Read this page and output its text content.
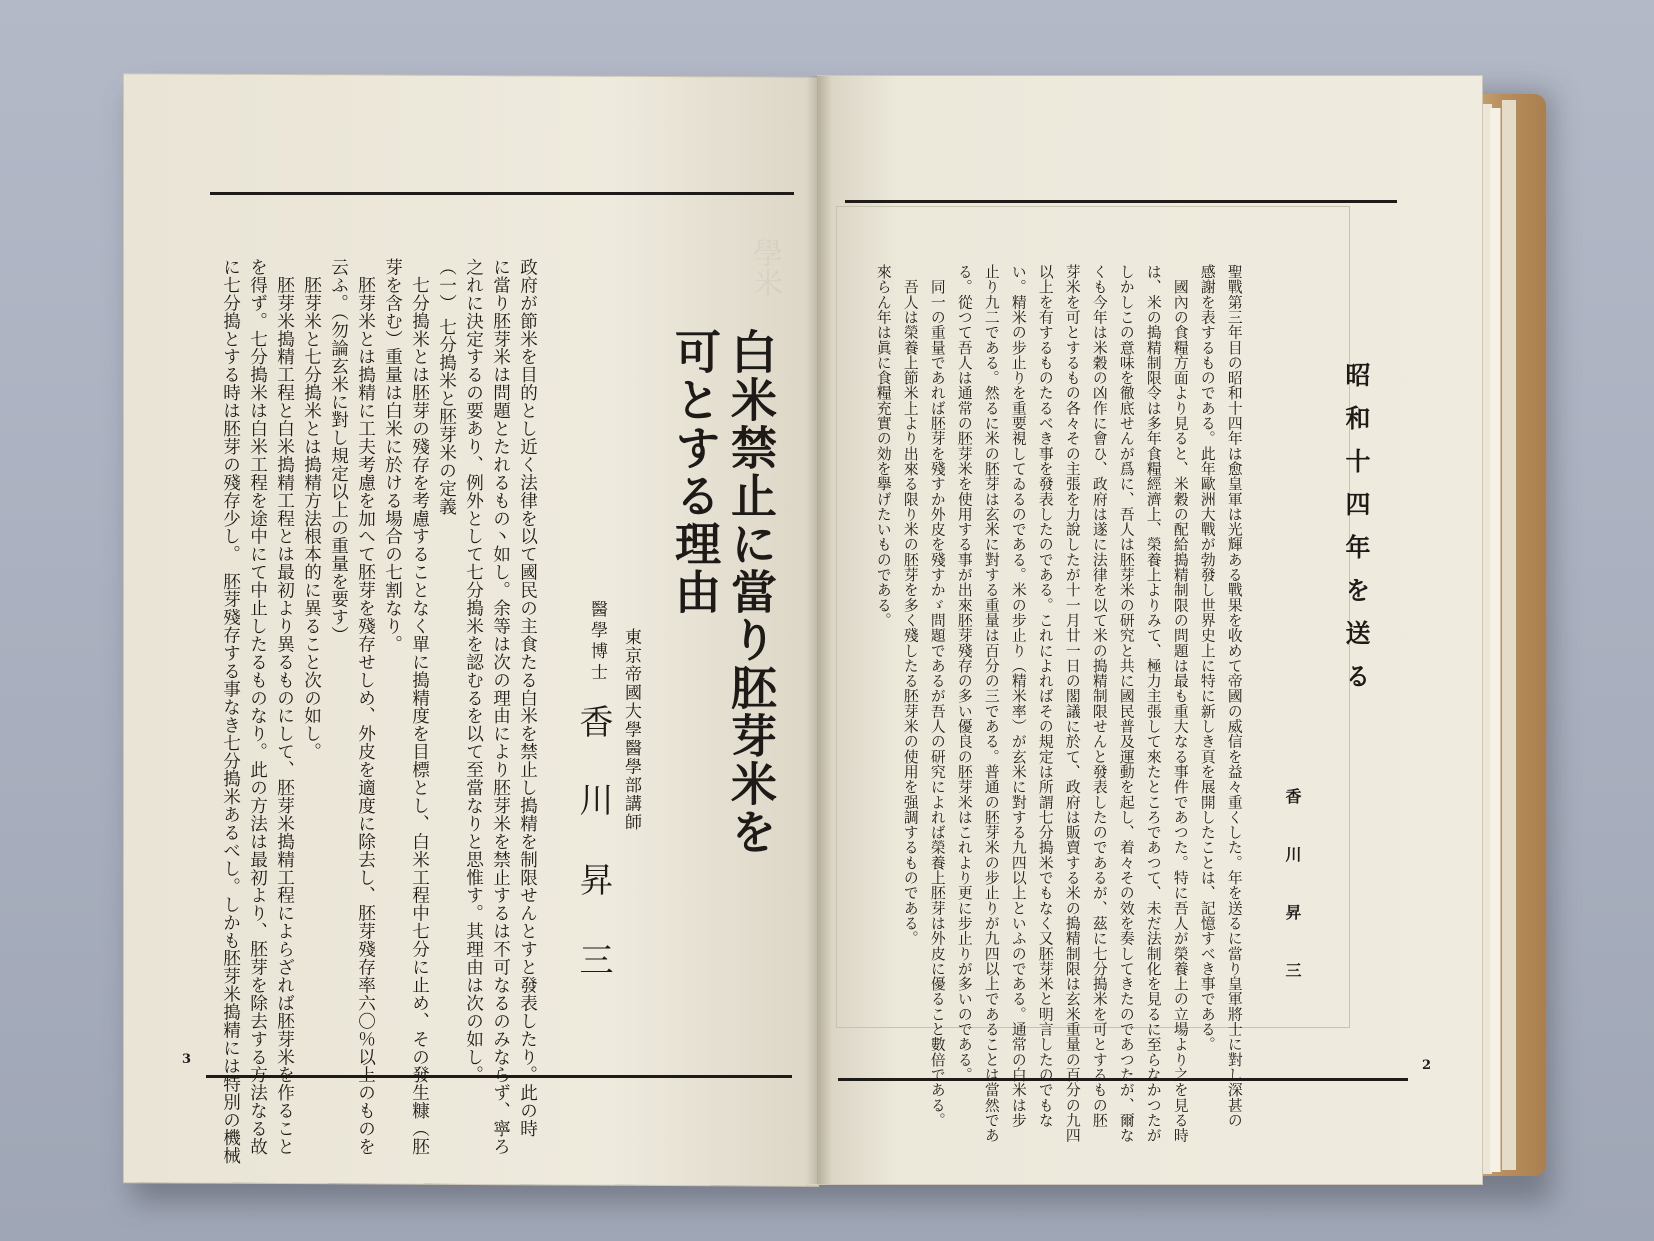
學米
白米禁止に當り胚芽米を
可とする理由
東京帝國大學醫學部講師
醫學博士
香
川
昇
三
政府が節米を目的とし近く法律を以て國民の主食たる白米を禁止し搗精を制限せんとすと發表したり。此の時
に當り胚芽米は問題とたれるもの丶如し。余等は次の理由により胚芽米を禁止するは不可なるのみならず、寧ろ
之れに決定するの要あり、例外として七分搗米を認むるを以て至當なりと思惟す。其理由は次の如し。
（一） 七分搗米と胚芽米の定義
　七分搗米とは胚芽の殘存を考慮することなく單に搗精度を目標とし、白米工程中七分に止め、その發生糠（胚
芽を含む）重量は白米に於ける場合の七割なり。
　胚芽米とは搗精に工夫考慮を加へて胚芽を殘存せしめ、外皮を適度に除去し、胚芽殘存率六〇％以上のものを
云ふ。（勿論玄米に對し規定以上の重量を要す）
　胚芽米と七分搗米とは搗精方法根本的に異ること次の如し。
　胚芽米搗精工程と白米搗精工程とは最初より異るものにして、胚芽米搗精工程によらざれば胚芽米を作ること
を得ず。七分搗米は白米工程を途中にて中止したるものなり。此の方法は最初より、胚芽を除去する方法なる故
に七分搗とする時は胚芽の殘存少し。　胚芽殘存する事なき七分搗米あるべし。しかも胚芽米搗精には特別の機械
3
昭和十四年を送る
香
川
昇
三
聖戰第三年目の昭和十四年は愈皇軍は光輝ある戰果を收めて帝國の威信を益々重くした。年を送るに當り皇軍將士に對し深甚の
感謝を表するものである。此年歐洲大戰が勃發し世界史上に特に新しき頁を展開したことは、記憶すべき事である。
　國內の食糧方面より見ると、米穀の配給搗精制限の問題は最も重大なる事件であつた。特に吾人が榮養上の立場より之を見る時
は、米の搗精制限令は多年食糧經濟上、榮養上よりみて、極力主張して來たところであつて、未だ法制化を見るに至らなかつたが
しかしこの意味を徹底せんが爲に、吾人は胚芽米の研究と共に國民普及運動を起し、着々その效を奏してきたのであつたが、爾な
くも今年は米穀の凶作に會ひ、政府は遂に法律を以て米の搗精制限せんと發表したのであるが、茲に七分搗米を可とするもの胚
芽米を可とするもの各々その主張を力說したが十一月廿一日の閣議に於て、政府は販賣する米の搗精制限は玄米重量の百分の九四
以上を有するものたるべき事を發表したのである。これによればその規定は所謂七分搗米でもなく又胚芽米と明言したのでもな
い。精米の步止りを重要視してゐるのである。米の步止り（精米率）が玄米に對する九四以上といふのである。通常の白米は步
止り九二である。然るに米の胚芽は玄米に對する重量は百分の三である。普通の胚芽米の步止りが九四以上であることは當然であ
る。從つて吾人は通常の胚芽米を使用する事が出來胚芽殘存の多い優良の胚芽米はこれより更に步止りが多いのである。
　同一の重量であれば胚芽を殘すか外皮を殘すかゞ問題であるが吾人の研究によれば榮養上胚芽は外皮に優ること數倍である。
　吾人は榮養上節米上より出來る限り米の胚芽を多く殘したる胚芽米の使用を强調するものである。
來らん年は眞に食糧充實の効を擧げたいものである。
2
